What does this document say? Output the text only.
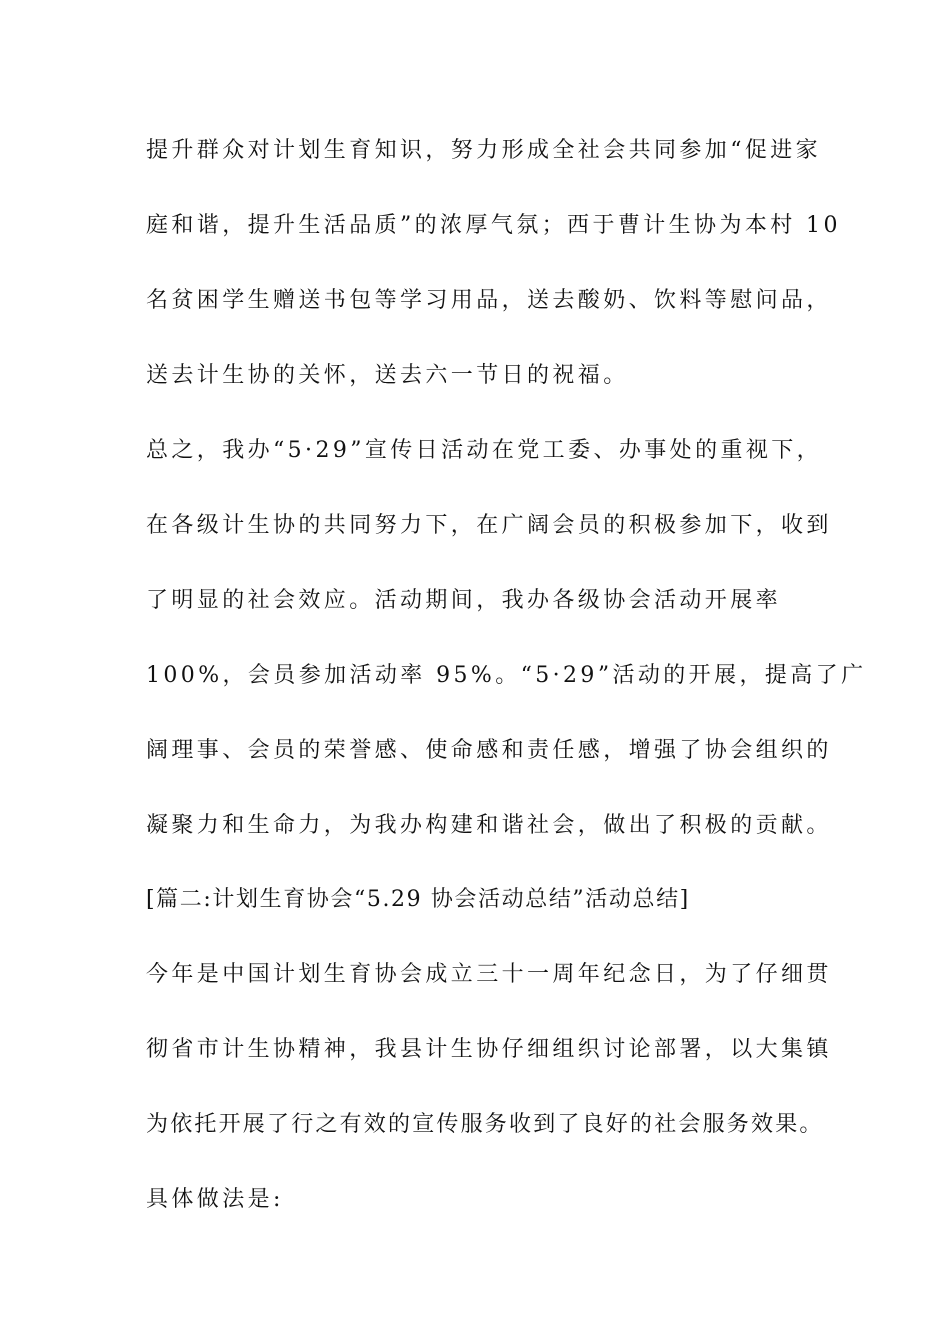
提升群众对计划生育知识，努力形成全社会共同参加“促进家

庭和谐，提升生活品质”的浓厚气氛；西于曹计生协为本村 10

名贫困学生赠送书包等学习用品，送去酸奶、饮料等慰问品，

送去计生协的关怀，送去六一节日的祝福。

总之，我办“5·29”宣传日活动在党工委、办事处的重视下，

在各级计生协的共同努力下，在广阔会员的积极参加下，收到

了明显的社会效应。活动期间，我办各级协会活动开展率

100%，会员参加活动率 95%。“5·29”活动的开展，提高了广

阔理事、会员的荣誉感、使命感和责任感，增强了协会组织的

凝聚力和生命力，为我办构建和谐社会，做出了积极的贡献。

[篇二:计划生育协会“5.29 协会活动总结”活动总结]

今年是中国计划生育协会成立三十一周年纪念日，为了仔细贯

彻省市计生协精神，我县计生协仔细组织讨论部署，以大集镇

为依托开展了行之有效的宣传服务收到了良好的社会服务效果。

具体做法是:
